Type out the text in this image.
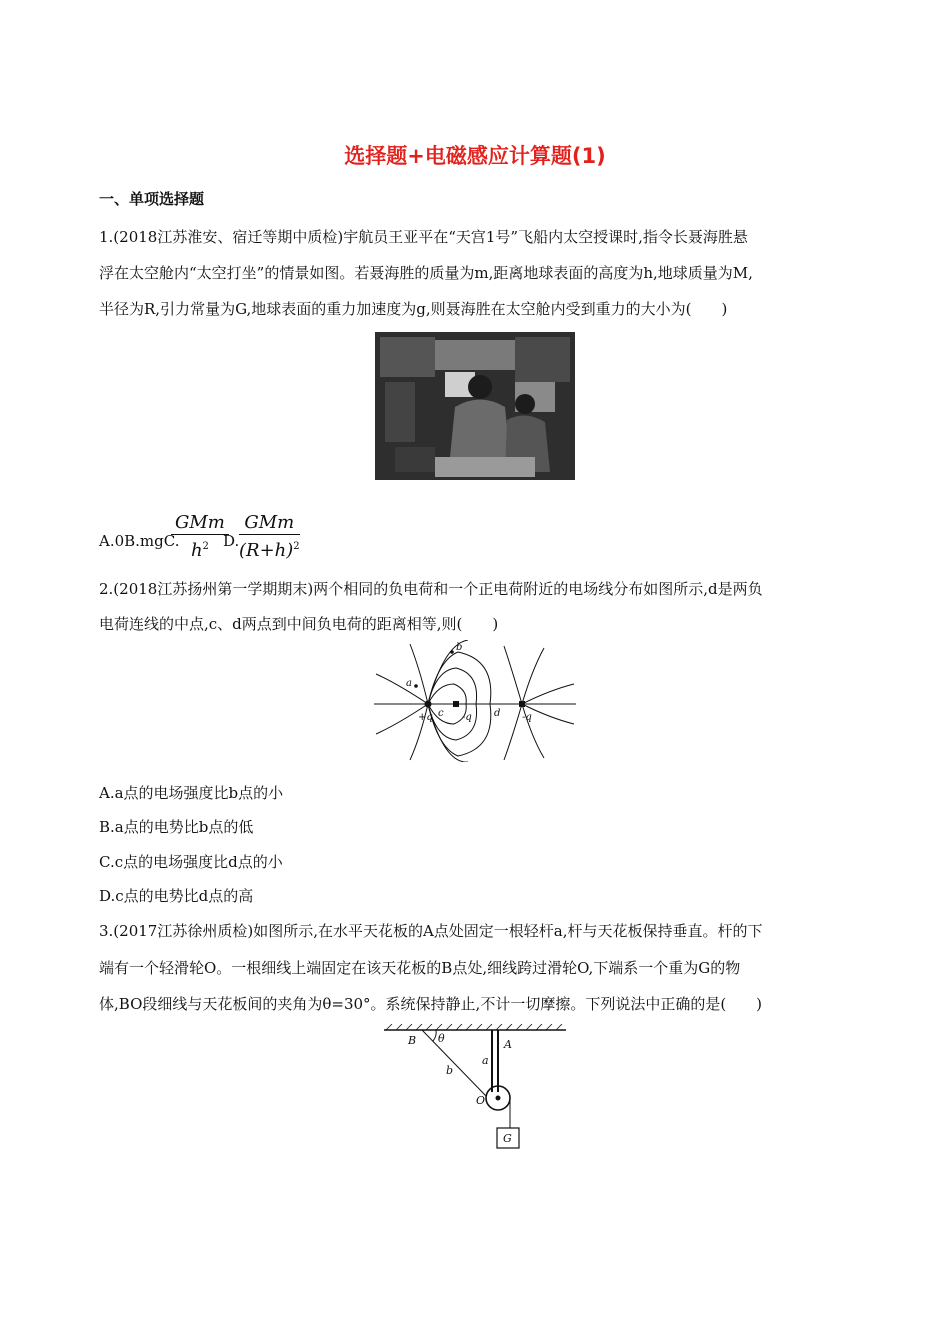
选择题+电磁感应计算题(1)
一、单项选择题
1.(2018江苏淮安、宿迁等期中质检)宇航员王亚平在“天宫1号”飞船内太空授课时,指令长聂海胜悬
浮在太空舱内“太空打坐”的情景如图。若聂海胜的质量为m,距离地球表面的高度为h,地球质量为M,
半径为R,引力常量为G,地球表面的重力加速度为g,则聂海胜在太空舱内受到重力的大小为(　　)
A.0B.mgC.
GMm
$h^2$ D.
GMm
$(R+h)^2$
2.(2018江苏扬州第一学期期末)两个相同的负电荷和一个正电荷附近的电场线分布如图所示,d是两负
电荷连线的中点,c、d两点到中间负电荷的距离相等,则(　　)
a
b
c	d
+q	-q	-q
A.a点的电场强度比b点的小
B.a点的电势比b点的低
C.c点的电场强度比d点的小
D.c点的电势比d点的高
3.(2017江苏徐州质检)如图所示,在水平天花板的A点处固定一根轻杆a,杆与天花板保持垂直。杆的下
端有一个轻滑轮O。一根细线上端固定在该天花板的B点处,细线跨过滑轮O,下端系一个重为G的物
体,BO段细线与天花板间的夹角为θ=30°。系统保持静止,不计一切摩擦。下列说法中正确的是(　　)
B θ	A
a
b
O
G
